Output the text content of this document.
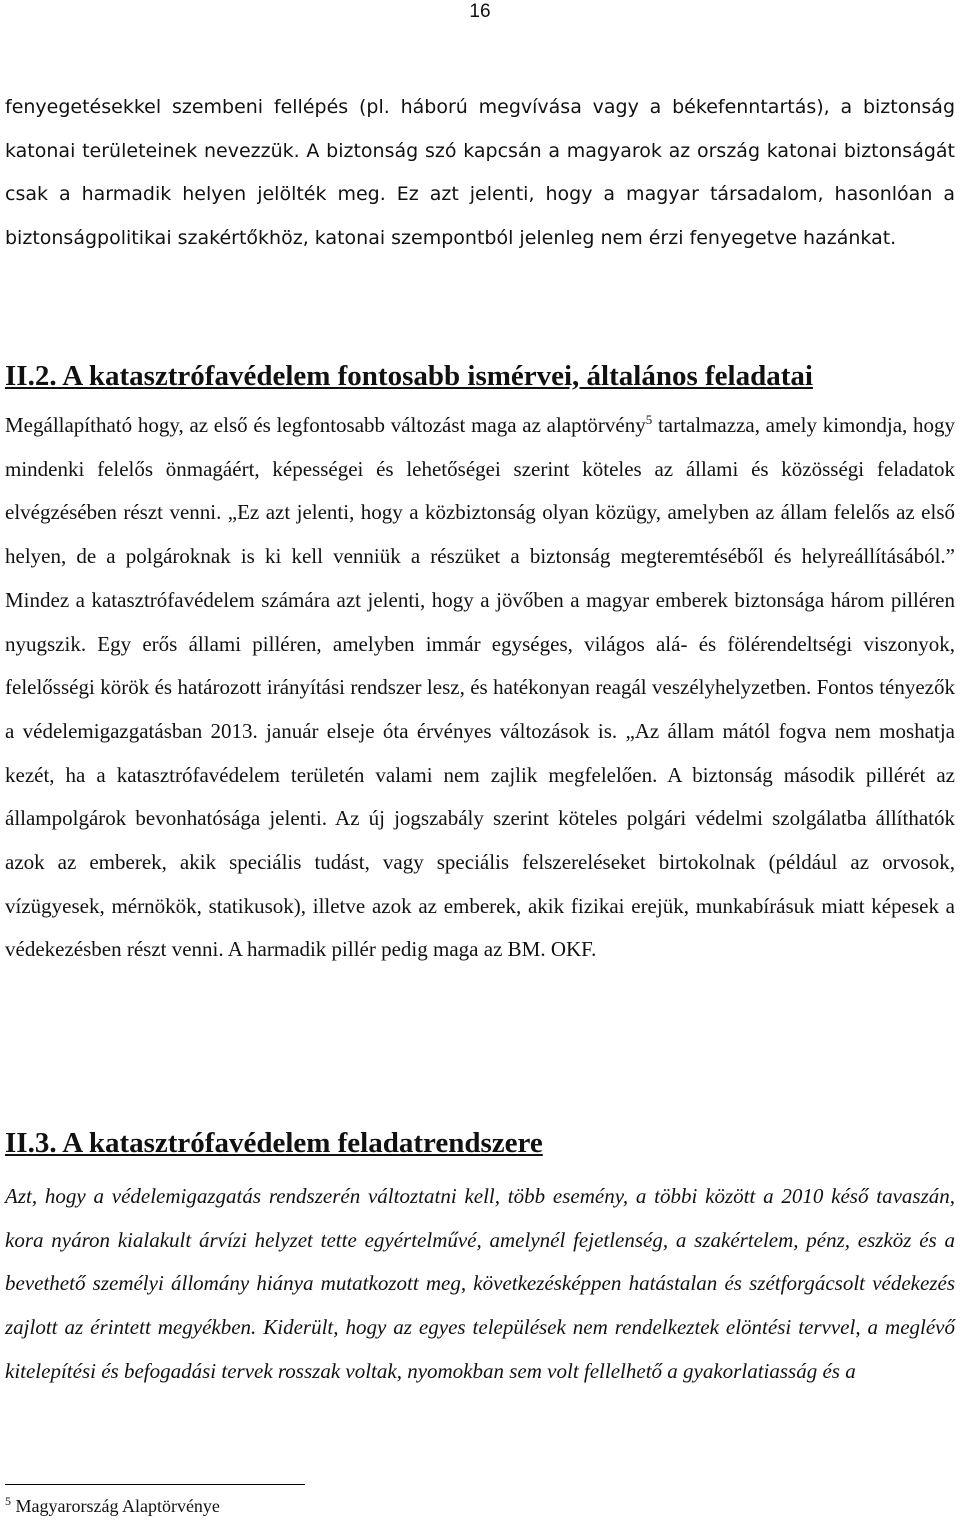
16

fenyegetésekkel szembeni fellépés (pl. háború megvívása vagy a békefenntartás), a biztonság katonai területeinek nevezzük. A biztonság szó kapcsán a magyarok az ország katonai biztonságát csak a harmadik helyen jelölték meg. Ez azt jelenti, hogy a magyar társadalom, hasonlóan a biztonságpolitikai szakértőkhöz, katonai szempontból jelenleg nem érzi fenyegetve hazánkat.

II.2. A katasztrófavédelem fontosabb ismérvei, általános feladatai

Megállapítható hogy, az első és legfontosabb változást maga az alaptörvény$^5$ tartalmazza, amely kimondja, hogy mindenki felelős önmagáért, képességei és lehetőségei szerint köteles az állami és közösségi feladatok elvégzésében részt venni. „Ez azt jelenti, hogy a közbiztonság olyan közügy, amelyben az állam felelős az első helyen, de a polgároknak is ki kell venniük a részüket a biztonság megteremtéséből és helyreállításából.” Mindez a katasztrófavédelem számára azt jelenti, hogy a jövőben a magyar emberek biztonsága három pilléren nyugszik. Egy erős állami pilléren, amelyben immár egységes, világos alá- és fölérendeltségi viszonyok, felelősségi körök és határozott irányítási rendszer lesz, és hatékonyan reagál veszélyhelyzetben. Fontos tényezők a védelemigazgatásban 2013. január elseje óta érvényes változások is. „Az állam mától fogva nem moshatja kezét, ha a katasztrófavédelem területén valami nem zajlik megfelelően. A biztonság második pillérét az állampolgárok bevonhatósága jelenti. Az új jogszabály szerint köteles polgári védelmi szolgálatba állíthatók azok az emberek, akik speciális tudást, vagy speciális felszereléseket birtokolnak (például az orvosok, vízügyesek, mérnökök, statikusok), illetve azok az emberek, akik fizikai erejük, munkabírásuk miatt képesek a védekezésben részt venni. A harmadik pillér pedig maga az BM. OKF.

II.3. A katasztrófavédelem feladatrendszere

Azt, hogy a védelemigazgatás rendszerén változtatni kell, több esemény, a többi között a 2010 késő tavaszán, kora nyáron kialakult árvízi helyzet tette egyértelművé, amelynél fejetlenség, a szakértelem, pénz, eszköz és a bevethető személyi állomány hiánya mutatkozott meg, következésképpen hatástalan és szétforgácsolt védekezés zajlott az érintett megyékben. Kiderült, hogy az egyes települések nem rendelkeztek elöntési tervvel, a meglévő kitelepítési és befogadási tervek rosszak voltak, nyomokban sem volt fellelhető a gyakorlatiasság és a

$^5$ Magyarország Alaptörvénye
